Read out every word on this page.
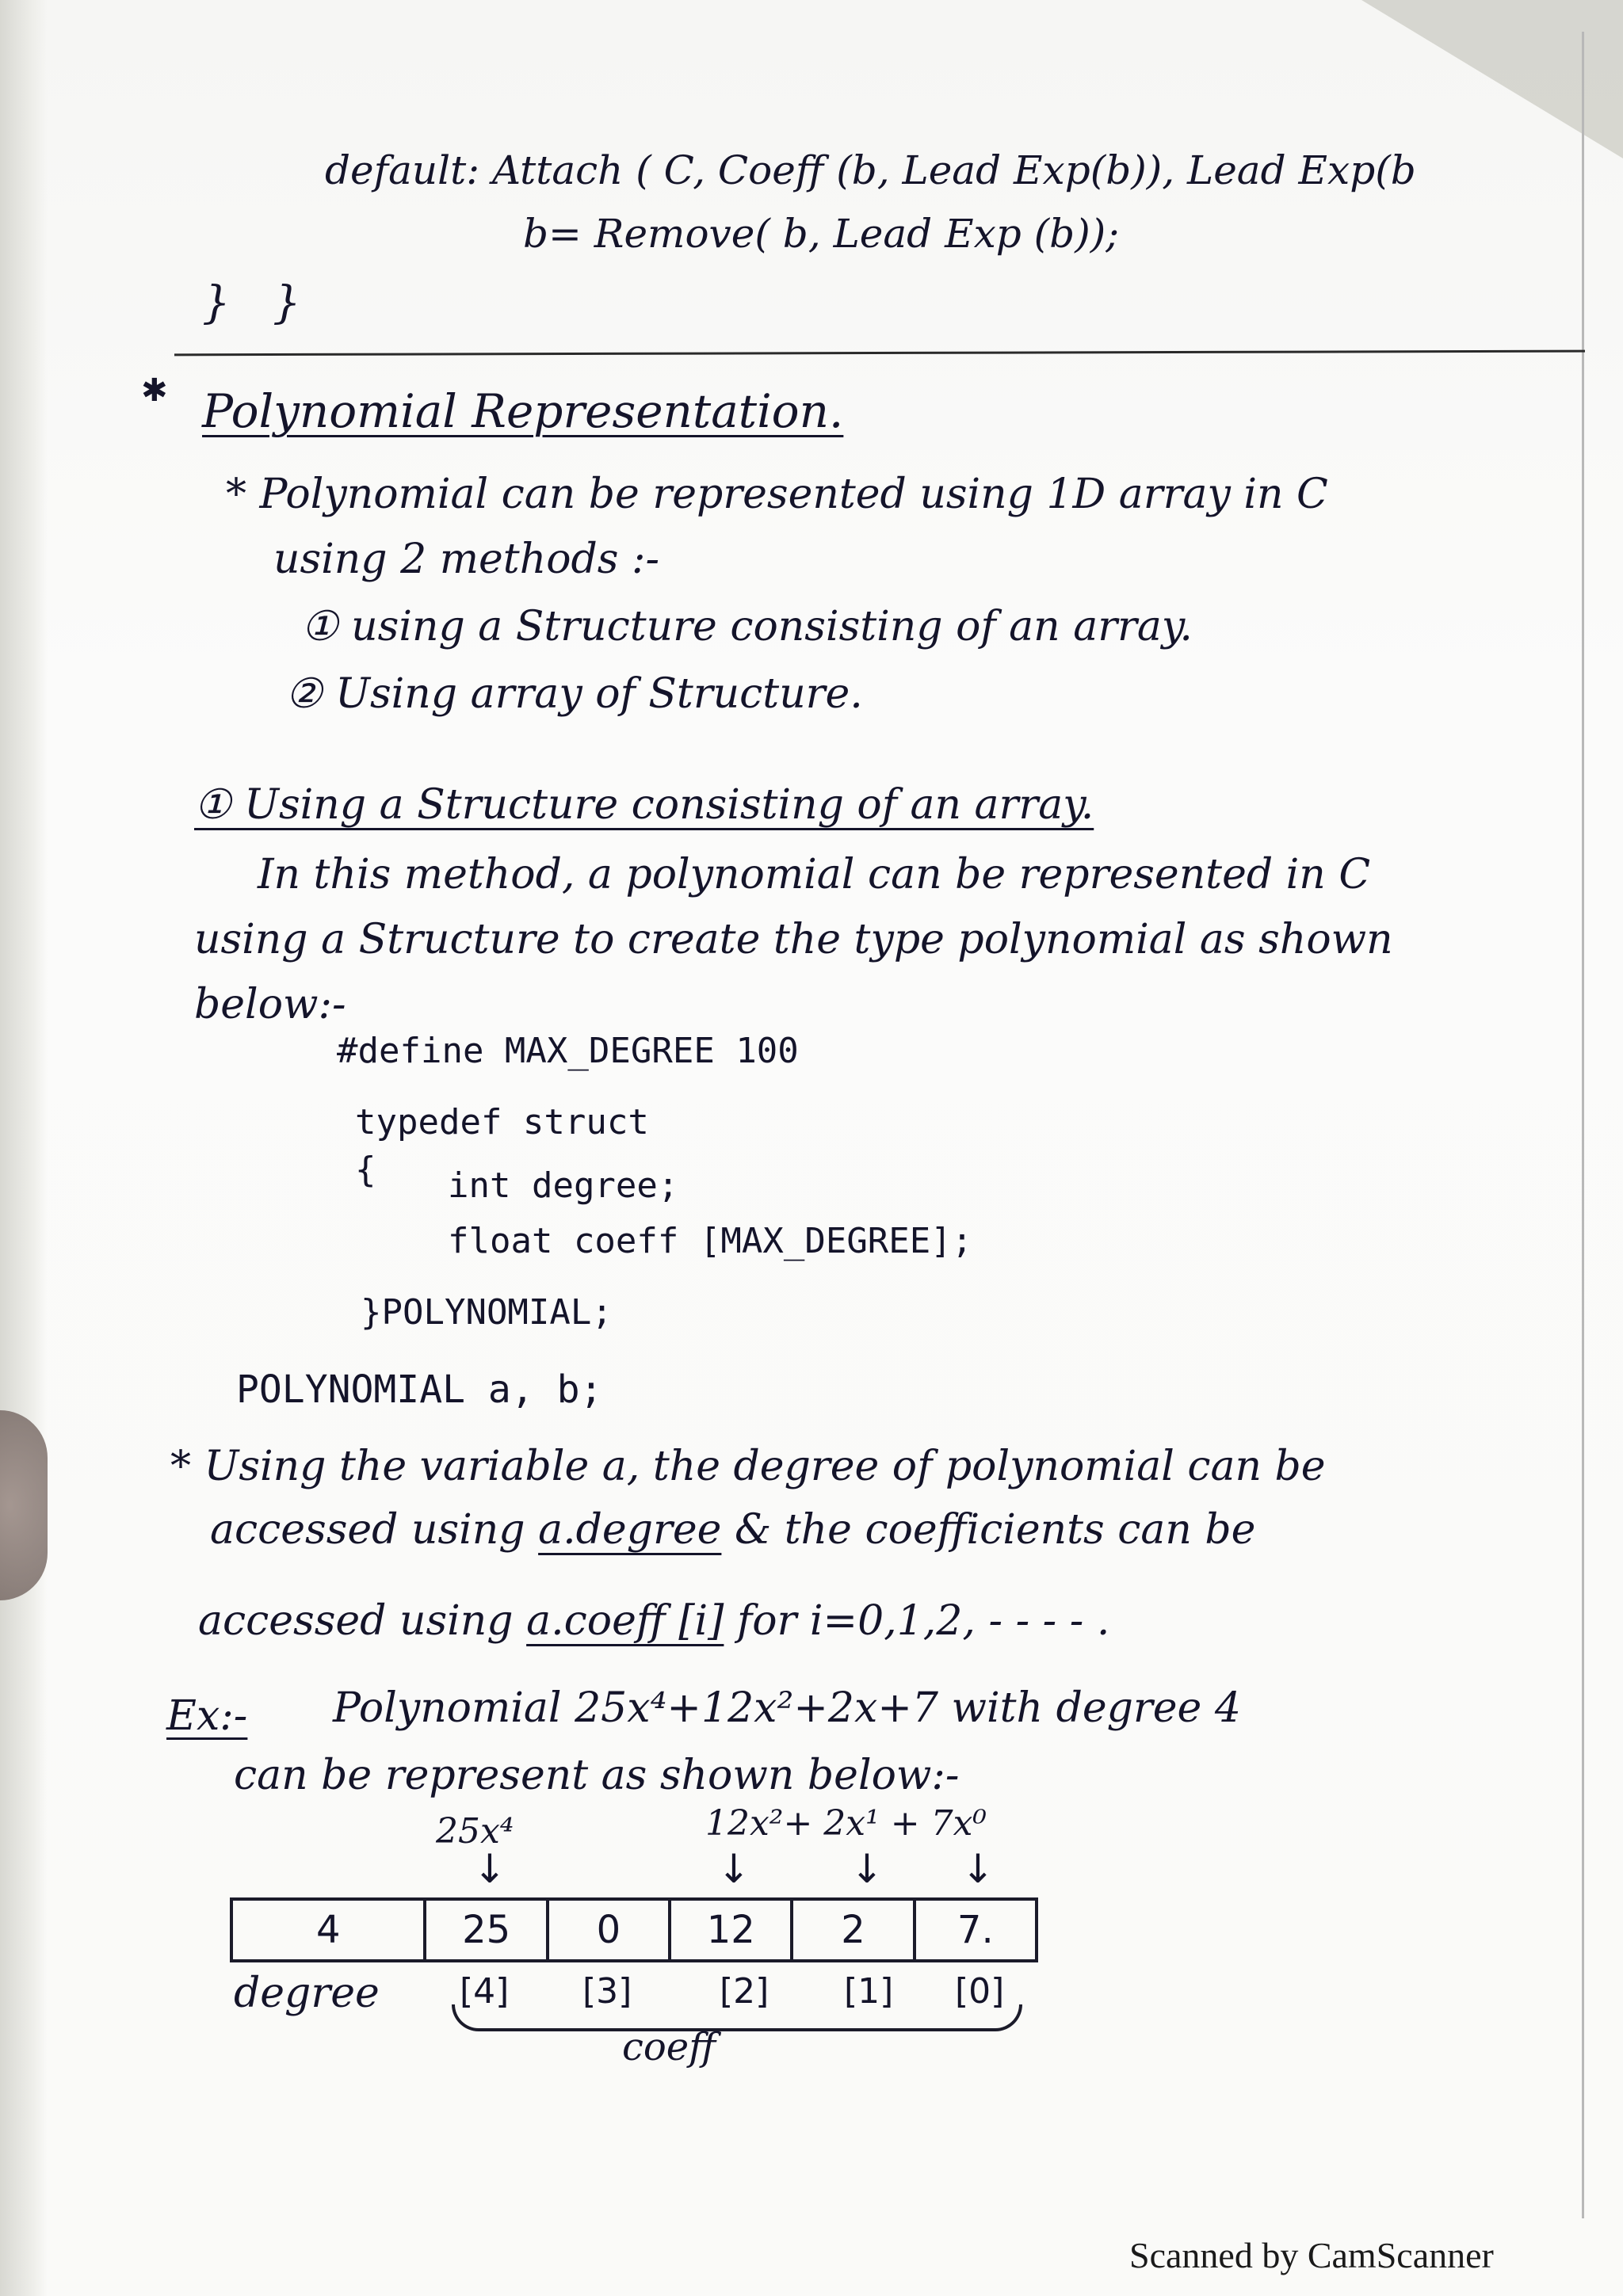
default: Attach ( C, Coeff (b, Lead Exp(b)), Lead Exp(b
b= Remove( b, Lead Exp (b));
}   }
✱ Polynomial Representation.
* Polynomial can be represented using 1D array in C
using 2 methods :-
① using a Structure consisting of an array.
② Using array of Structure.
① Using a Structure consisting of an array.
In this method, a polynomial can be represented in C
using a Structure to create the type polynomial as shown
below:-
#define MAX_DEGREE 100
typedef struct
{ int degree;
float coeff [MAX_DEGREE];
}POLYNOMIAL;
POLYNOMIAL a, b;
* Using the variable a, the degree of polynomial can be
accessed using a.degree & the coefficients can be
accessed using a.coeff [i] for i=0,1,2, - - - - .
Ex:- Polynomial 25x⁴+12x²+2x+7 with degree 4
can be represent as shown below:-
25x⁴	12x²+ 2x¹ + 7x⁰
↓	↓	↓ ↓
4	25	0	12	2	7.
degree [4] [3]	[2] [1] [0]
coeff
Scanned by CamScanner
